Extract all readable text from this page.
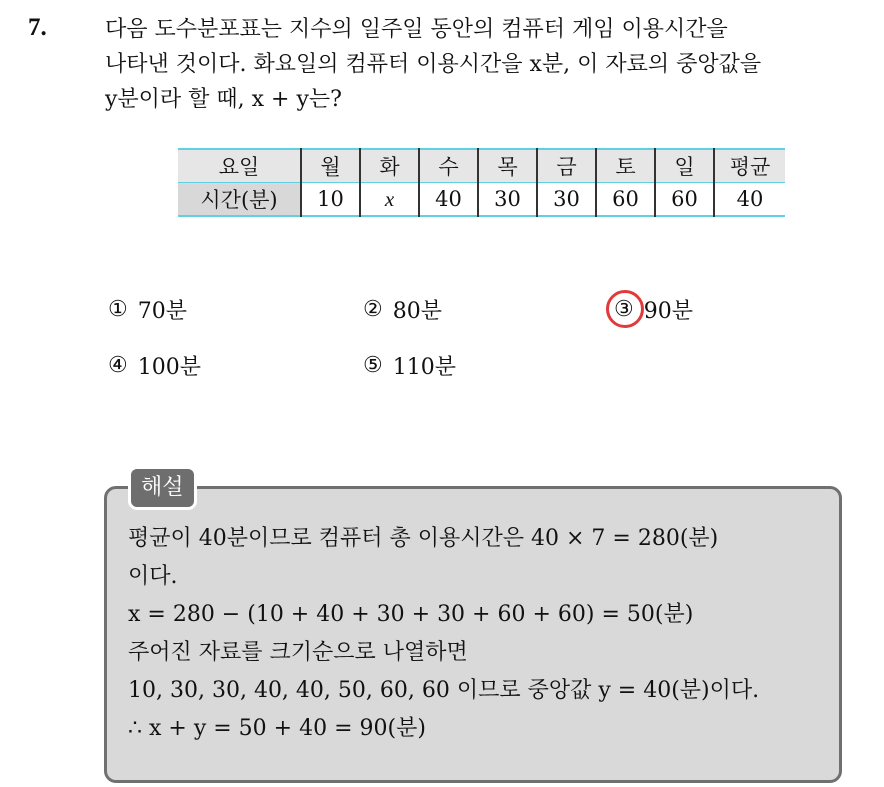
7.	다음 도수분포표는 지수의 일주일 동안의 컴퓨터 게임 이용시간을
나타낸 것이다. 화요일의 컴퓨터 이용시간을 x분, 이 자료의 중앙값을
y분이라 할 때, x + y는?
요일	월	화	수	목	금	토	일	평균
시간(분)	10	x	40	30	30	60	60	40
① 70분	② 80분	③ 90분
④ 100분	⑤ 110분
해설
평균이 40분이므로 컴퓨터 총 이용시간은 40 × 7 = 280(분)
이다.
x = 280 − (10 + 40 + 30 + 30 + 60 + 60) = 50(분)
주어진 자료를 크기순으로 나열하면
10, 30, 30, 40, 40, 50, 60, 60 이므로 중앙값 y = 40(분)이다.
∴ x + y = 50 + 40 = 90(분)
